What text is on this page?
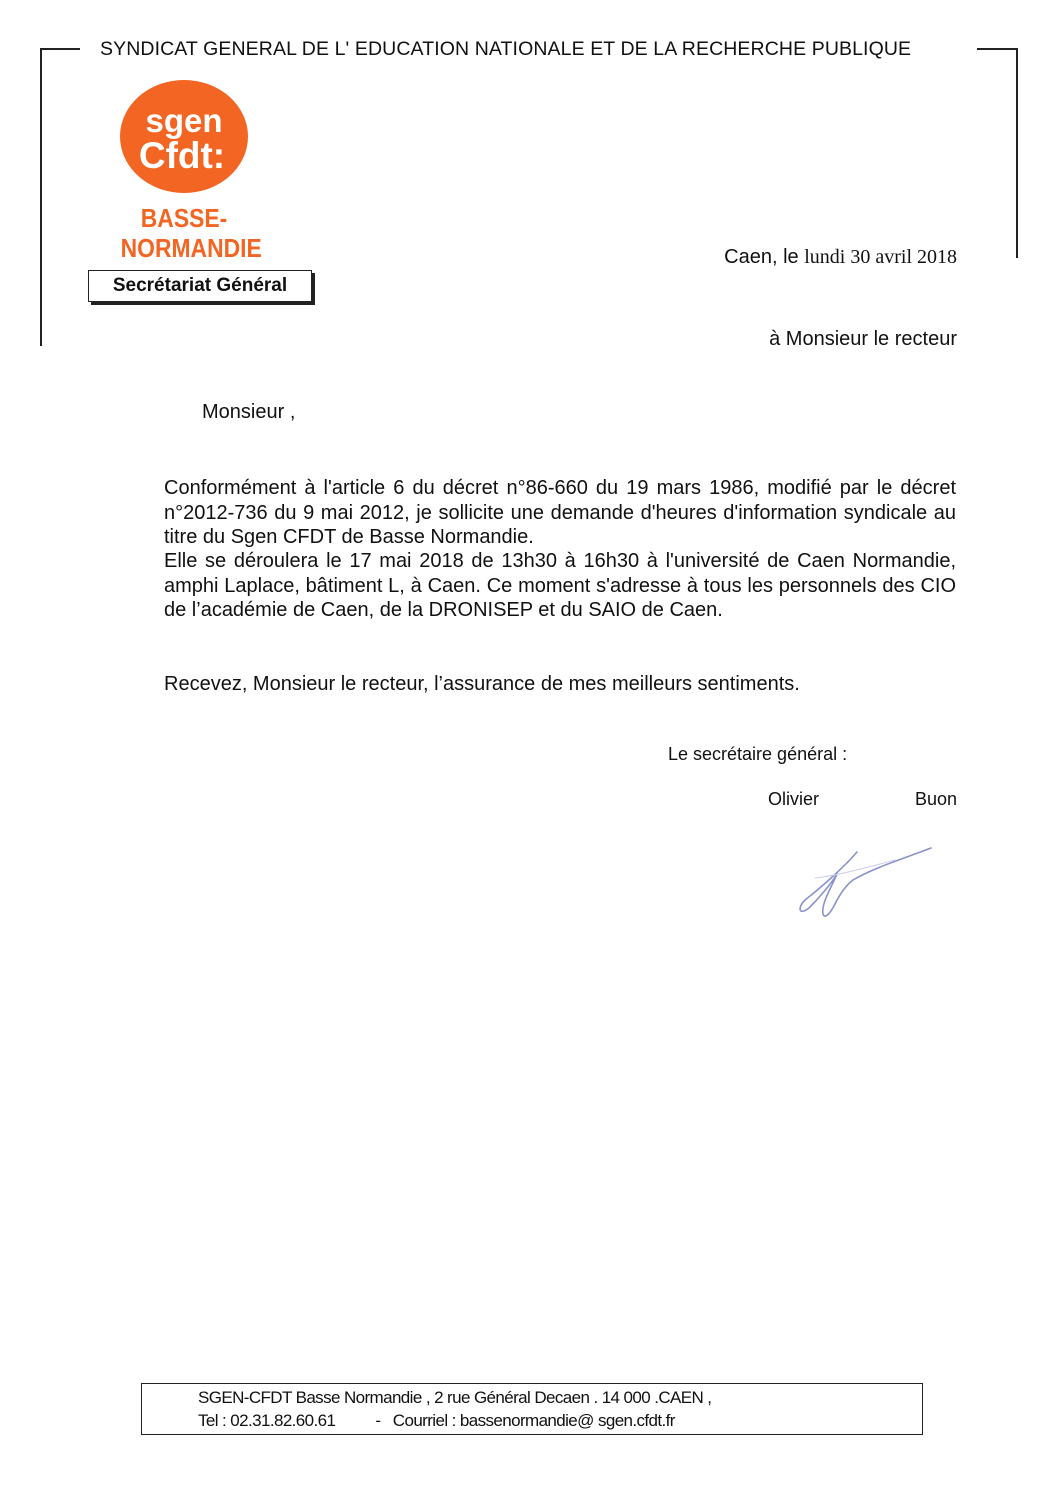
SYNDICAT GENERAL DE L' EDUCATION NATIONALE ET DE LA RECHERCHE PUBLIQUE
sgen
Cfdt:
BASSE-
NORMANDIE
Secrétariat Général
Caen, le lundi 30 avril 2018
à Monsieur le recteur
Monsieur ,
Conformément à l'article 6 du décret n°86-660 du 19 mars 1986, modifié par le décret n°2012-736 du 9 mai 2012, je sollicite une demande d'heures d'information syndicale au titre du Sgen CFDT de Basse Normandie.
Elle se déroulera le 17 mai 2018 de 13h30 à 16h30 à l'université de Caen Normandie, amphi Laplace, bâtiment L, à Caen. Ce moment s'adresse à tous les personnels des CIO de l’académie de Caen, de la DRONISEP et du SAIO de Caen.
Recevez, Monsieur le recteur, l’assurance de mes meilleurs sentiments.
Le secrétaire général :
Olivier	Buon
SGEN-CFDT Basse Normandie , 2 rue Général Decaen . 14 000 .CAEN ,
Tel : 02.31.82.60.61 - Courriel : bassenormandie@ sgen.cfdt.fr
